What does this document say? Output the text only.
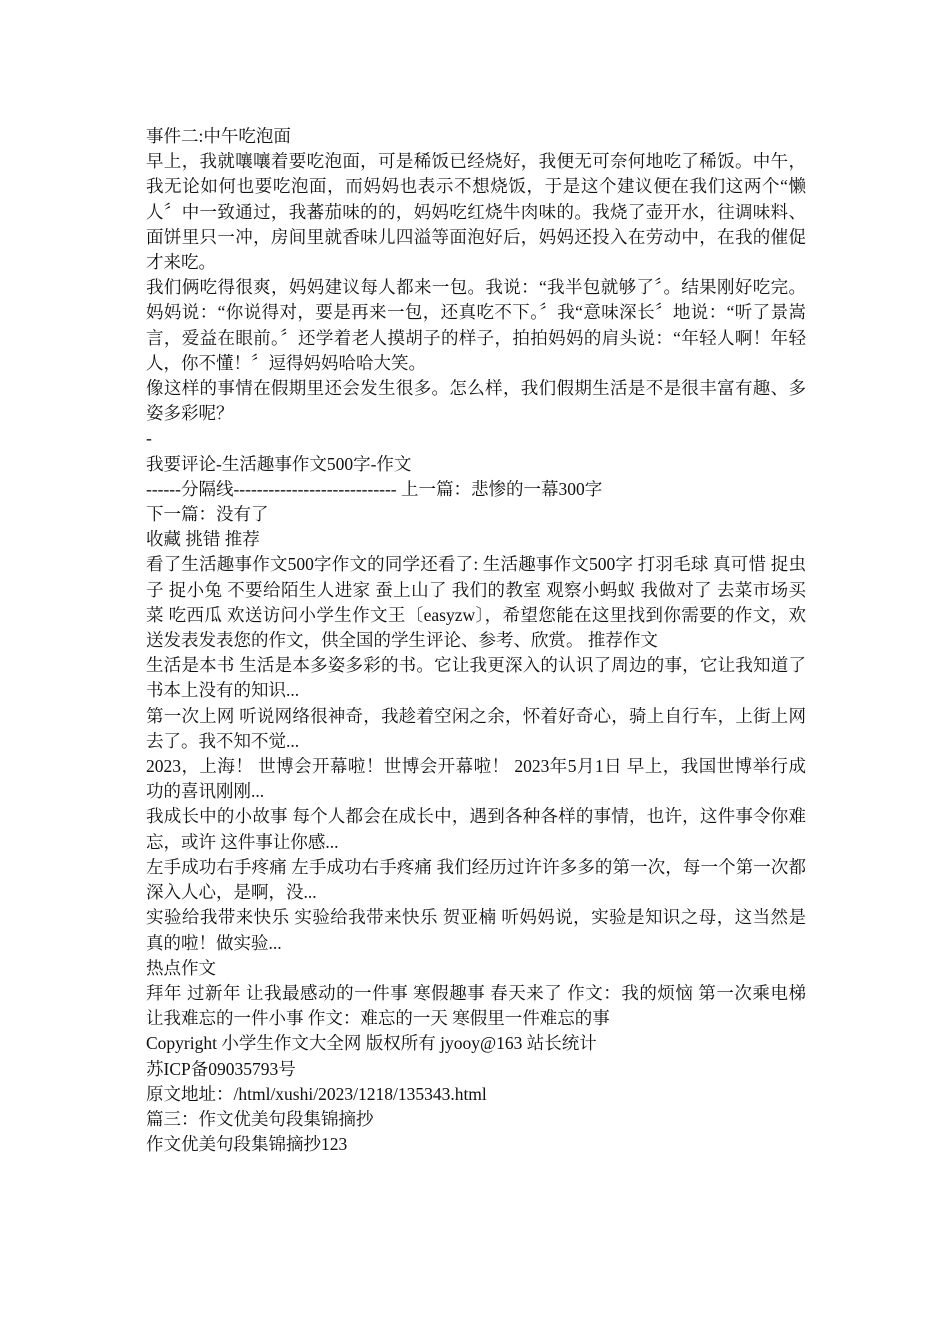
事件二:中午吃泡面

早上，我就嚷嚷着要吃泡面，可是稀饭已经烧好，我便无可奈何地吃了稀饭。中午，我无论如何也要吃泡面，而妈妈也表示不想烧饭，于是这个建议便在我们这两个“懒人〞中一致通过，我蕃茄味的的，妈妈吃红烧牛肉味的。我烧了壶开水，往调味料、面饼里只一冲，房间里就香味儿四溢等面泡好后，妈妈还投入在劳动中，在我的催促才来吃。

我们俩吃得很爽，妈妈建议每人都来一包。我说：“我半包就够了〞。结果刚好吃完。妈妈说：“你说得对，要是再来一包，还真吃不下。〞我“意味深长〞地说：“听了景嵩言，爱益在眼前。〞还学着老人摸胡子的样子，拍拍妈妈的肩头说：“年轻人啊！年轻人，你不懂！〞逗得妈妈哈哈大笑。

像这样的事情在假期里还会发生很多。怎么样，我们假期生活是不是很丰富有趣、多姿多彩呢？

-

我要评论-生活趣事作文500字-作文

------分隔线---------------------------- 上一篇：悲惨的一幕300字

下一篇：没有了

收藏 挑错 推荐

看了生活趣事作文500字作文的同学还看了: 生活趣事作文500字 打羽毛球 真可惜 捉虫子 捉小兔 不要给陌生人进家 蚕上山了 我们的教室 观察小蚂蚁 我做对了 去菜市场买菜 吃西瓜 欢送访问小学生作文王〔easyzw〕，希望您能在这里找到你需要的作文，欢送发表发表您的作文，供全国的学生评论、参考、欣赏。 推荐作文

生活是本书 生活是本多姿多彩的书。它让我更深入的认识了周边的事，它让我知道了书本上没有的知识...

第一次上网 听说网络很神奇，我趁着空闲之余，怀着好奇心，骑上自行车，上街上网去了。我不知不觉...

2023，上海！ 世博会开幕啦！世博会开幕啦！ 2023年5月1日 早上，我国世博举行成功的喜讯刚刚...

我成长中的小故事 每个人都会在成长中，遇到各种各样的事情，也许，这件事令你难忘，或许 这件事让你感...

左手成功右手疼痛 左手成功右手疼痛 我们经历过许许多多的第一次，每一个第一次都深入人心，是啊，没...

实验给我带来快乐 实验给我带来快乐 贺亚楠 听妈妈说，实验是知识之母，这当然是真的啦！做实验...

热点作文

拜年 过新年 让我最感动的一件事 寒假趣事 春天来了 作文：我的烦恼 第一次乘电梯 让我难忘的一件小事 作文：难忘的一天 寒假里一件难忘的事

Copyright 小学生作文大全网 版权所有 jyooy@163 站长统计

苏ICP备09035793号

原文地址：/html/xushi/2023/1218/135343.html

篇三：作文优美句段集锦摘抄

作文优美句段集锦摘抄123
